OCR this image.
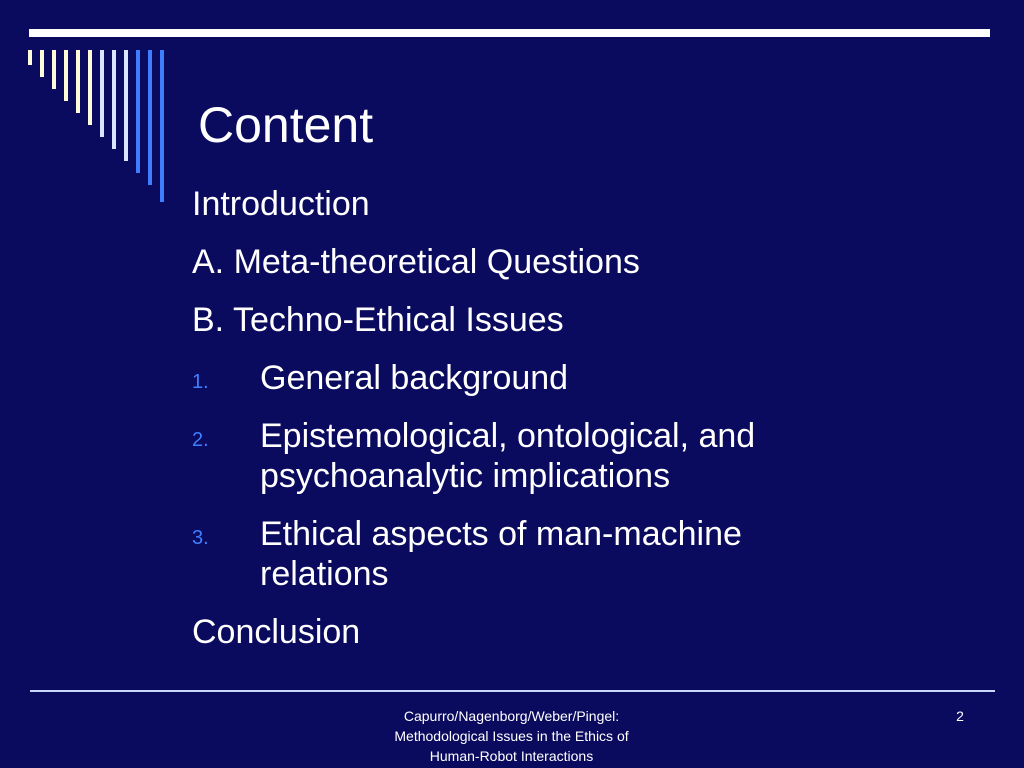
Content
Introduction
A. Meta-theoretical Questions
B. Techno-Ethical Issues
1. General background
2. Epistemological, ontological, and psychoanalytic implications
3. Ethical aspects of man-machine relations
Conclusion
Capurro/Nagenborg/Weber/Pingel:
Methodological Issues in the Ethics of
Human-Robot Interactions
2
